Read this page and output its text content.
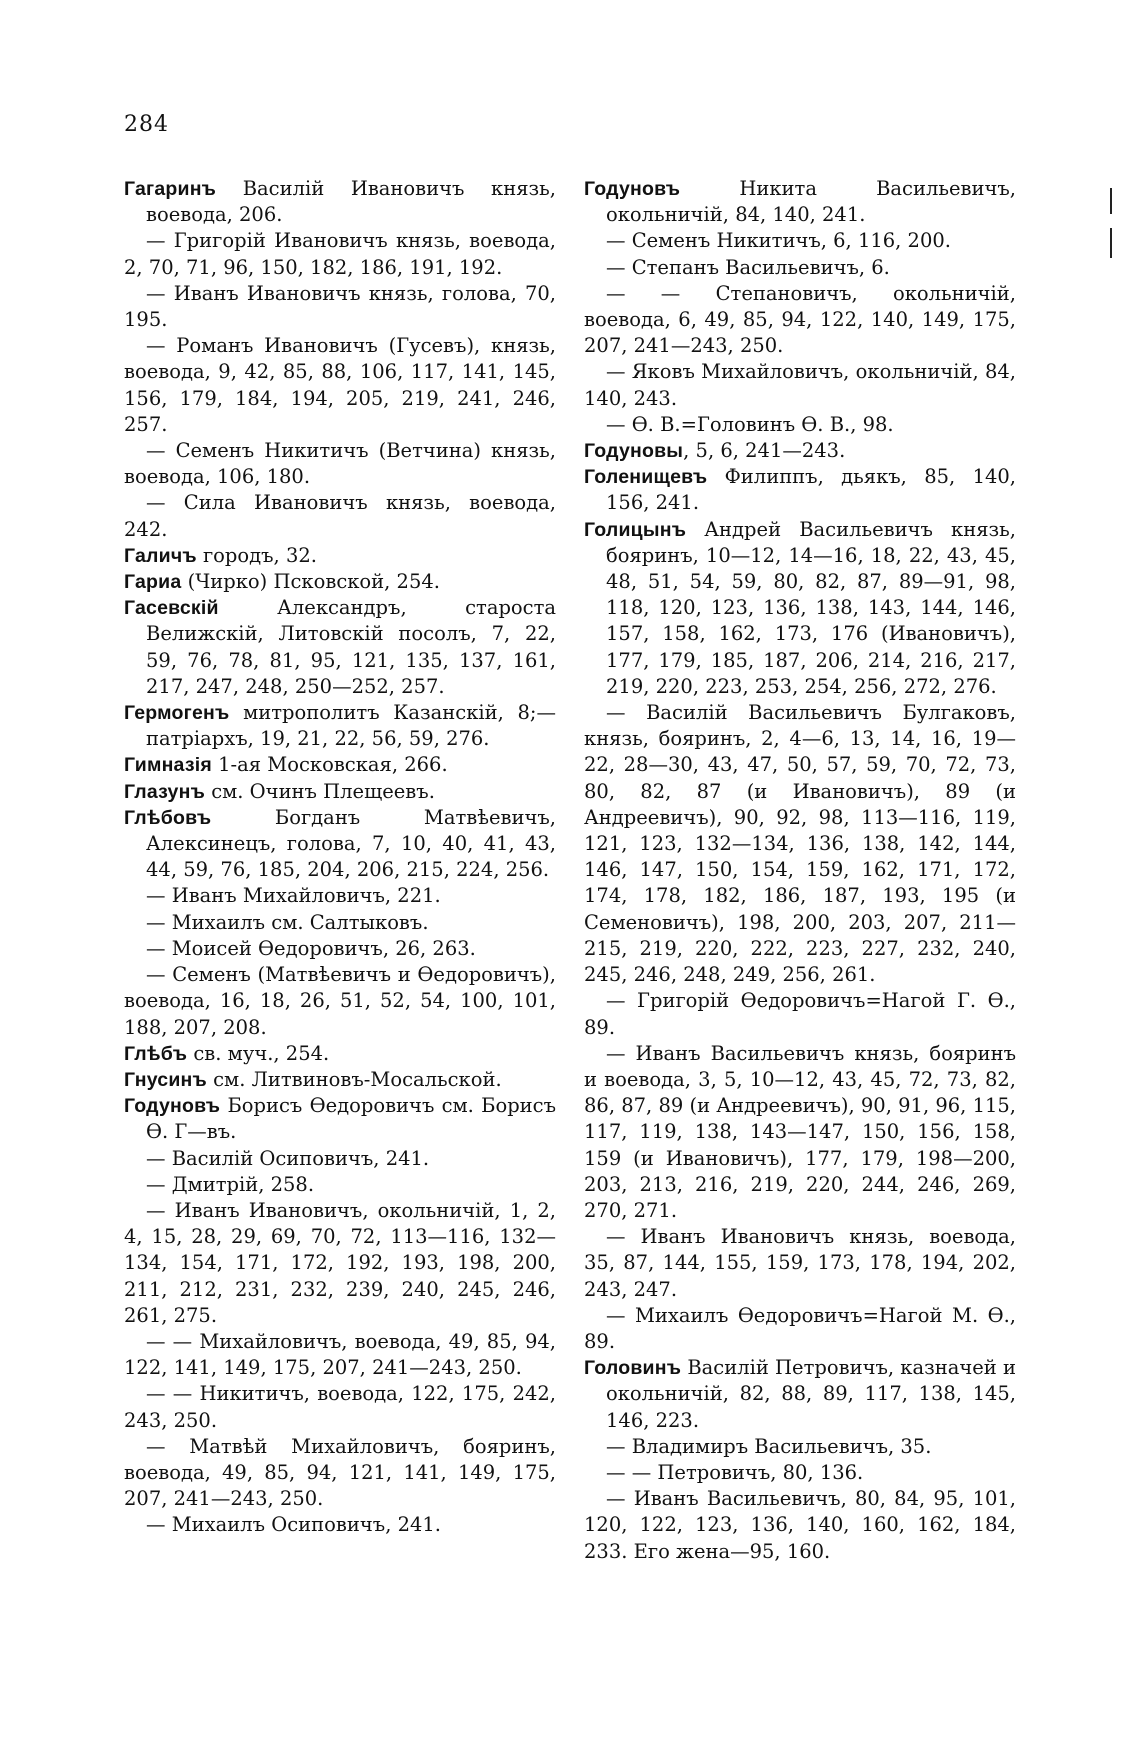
284

Гагаринъ Василій Ивановичъ князь, воевода, 206.

— Григорій Ивановичъ князь, воевода, 2, 70, 71, 96, 150, 182, 186, 191, 192.

— Иванъ Ивановичъ князь, голова, 70, 195.

— Романъ Ивановичъ (Гусевъ), князь, воевода, 9, 42, 85, 88, 106, 117, 141, 145, 156, 179, 184, 194, 205, 219, 241, 246, 257.

— Семенъ Никитичъ (Ветчина) князь, воевода, 106, 180.

— Сила Ивановичъ князь, воевода, 242.

Галичъ городъ, 32.

Гариа (Чирко) Псковской, 254.

Гасевскій Александръ, староста Велижскій, Литовскій посолъ, 7, 22, 59, 76, 78, 81, 95, 121, 135, 137, 161, 217, 247, 248, 250—252, 257.

Гермогенъ митрополитъ Казанскій, 8;— патріархъ, 19, 21, 22, 56, 59, 276.

Гимназія 1-ая Московская, 266.

Глазунъ см. Очинъ Плещеевъ.

Глѣбовъ Богданъ Матвѣевичъ, Алексинецъ, голова, 7, 10, 40, 41, 43, 44, 59, 76, 185, 204, 206, 215, 224, 256.

— Иванъ Михайловичъ, 221.

— Михаилъ см. Салтыковъ.

— Моисей Өедоровичъ, 26, 263.

— Семенъ (Матвѣевичъ и Өедоровичъ), воевода, 16, 18, 26, 51, 52, 54, 100, 101, 188, 207, 208.

Глѣбъ св. муч., 254.

Гнусинъ см. Литвиновъ-Мосальской.

Годуновъ Борисъ Өедоровичъ см. Борисъ Ө. Г—въ.

— Василій Осиповичъ, 241.

— Дмитрій, 258.

— Иванъ Ивановичъ, окольничій, 1, 2, 4, 15, 28, 29, 69, 70, 72, 113—116, 132—134, 154, 171, 172, 192, 193, 198, 200, 211, 212, 231, 232, 239, 240, 245, 246, 261, 275.

— — Михайловичъ, воевода, 49, 85, 94, 122, 141, 149, 175, 207, 241—243, 250.

— — Никитичъ, воевода, 122, 175, 242, 243, 250.

— Матвѣй Михайловичъ, бояринъ, воевода, 49, 85, 94, 121, 141, 149, 175, 207, 241—243, 250.

— Михаилъ Осиповичъ, 241.

Годуновъ Никита Васильевичъ, окольничій, 84, 140, 241.

— Семенъ Никитичъ, 6, 116, 200.

— Степанъ Васильевичъ, 6.

— — Степановичъ, окольничій, воевода, 6, 49, 85, 94, 122, 140, 149, 175, 207, 241—243, 250.

— Яковъ Михайловичъ, окольничій, 84, 140, 243.

— Ө. В.=Головинъ Ө. В., 98.

Годуновы, 5, 6, 241—243.

Голенищевъ Филиппъ, дьякъ, 85, 140, 156, 241.

Голицынъ Андрей Васильевичъ князь, бояринъ, 10—12, 14—16, 18, 22, 43, 45, 48, 51, 54, 59, 80, 82, 87, 89—91, 98, 118, 120, 123, 136, 138, 143, 144, 146, 157, 158, 162, 173, 176 (Ивановичъ), 177, 179, 185, 187, 206, 214, 216, 217, 219, 220, 223, 253, 254, 256, 272, 276.

— Василій Васильевичъ Булгаковъ, князь, бояринъ, 2, 4—6, 13, 14, 16, 19—22, 28—30, 43, 47, 50, 57, 59, 70, 72, 73, 80, 82, 87 (и Ивановичъ), 89 (и Андреевичъ), 90, 92, 98, 113—116, 119, 121, 123, 132—134, 136, 138, 142, 144, 146, 147, 150, 154, 159, 162, 171, 172, 174, 178, 182, 186, 187, 193, 195 (и Семеновичъ), 198, 200, 203, 207, 211—215, 219, 220, 222, 223, 227, 232, 240, 245, 246, 248, 249, 256, 261.

— Григорій Өедоровичъ=Нагой Г. Ө., 89.

— Иванъ Васильевичъ князь, бояринъ и воевода, 3, 5, 10—12, 43, 45, 72, 73, 82, 86, 87, 89 (и Андреевичъ), 90, 91, 96, 115, 117, 119, 138, 143—147, 150, 156, 158, 159 (и Ивановичъ), 177, 179, 198—200, 203, 213, 216, 219, 220, 244, 246, 269, 270, 271.

— Иванъ Ивановичъ князь, воевода, 35, 87, 144, 155, 159, 173, 178, 194, 202, 243, 247.

— Михаилъ Өедоровичъ=Нагой М. Ө., 89.

Головинъ Василій Петровичъ, казначей и окольничій, 82, 88, 89, 117, 138, 145, 146, 223.

— Владимиръ Васильевичъ, 35.

— — Петровичъ, 80, 136.

— Иванъ Васильевичъ, 80, 84, 95, 101, 120, 122, 123, 136, 140, 160, 162, 184, 233. Его жена—95, 160.
